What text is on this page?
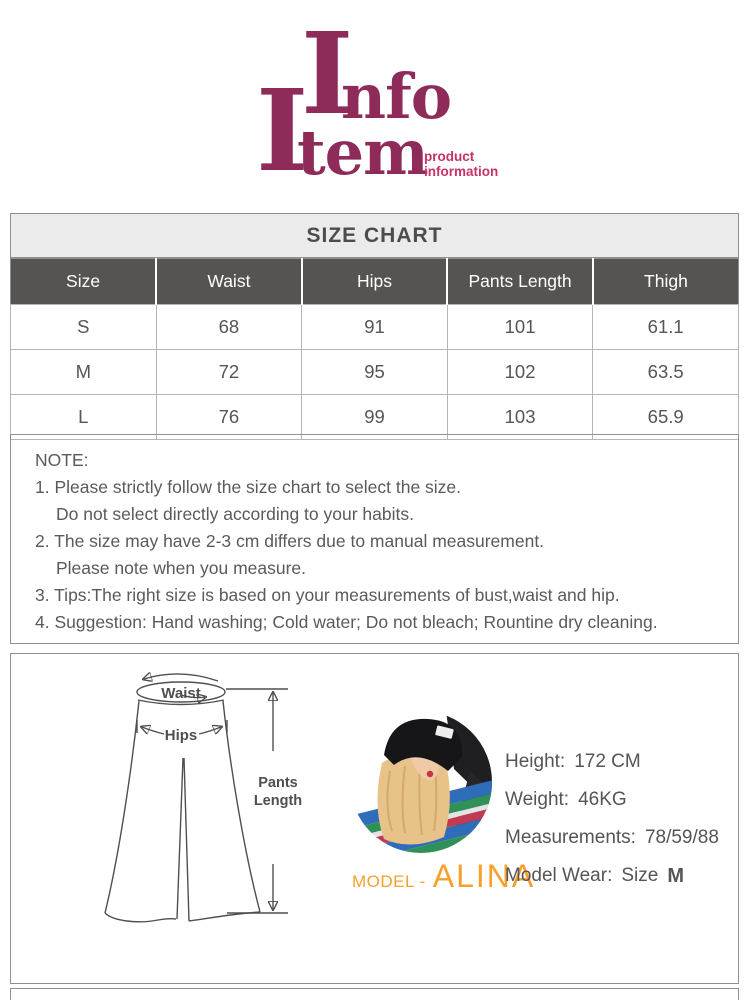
I
nfo
I
tem
product
information
SIZE CHART
Size	Waist	Hips	Pants Length	Thigh
S	68	91	101	61.1
M	72	95	102	63.5
L	76	99	103	65.9
NOTE:
1. Please strictly follow the size chart to select the size.
Do not select directly according to your habits.
2. The size may have 2-3 cm differs due to manual measurement.
Please note when you measure.
3. Tips:The right size is based on your measurements of bust,waist and hip.
4. Suggestion: Hand washing; Cold water; Do not bleach; Rountine dry cleaning.
Waist
Hips
Pants
Length
MODEL - ALINA
Height: 172 CM
Weight: 46KG
Measurements: 78/59/88
Model Wear: Size M
